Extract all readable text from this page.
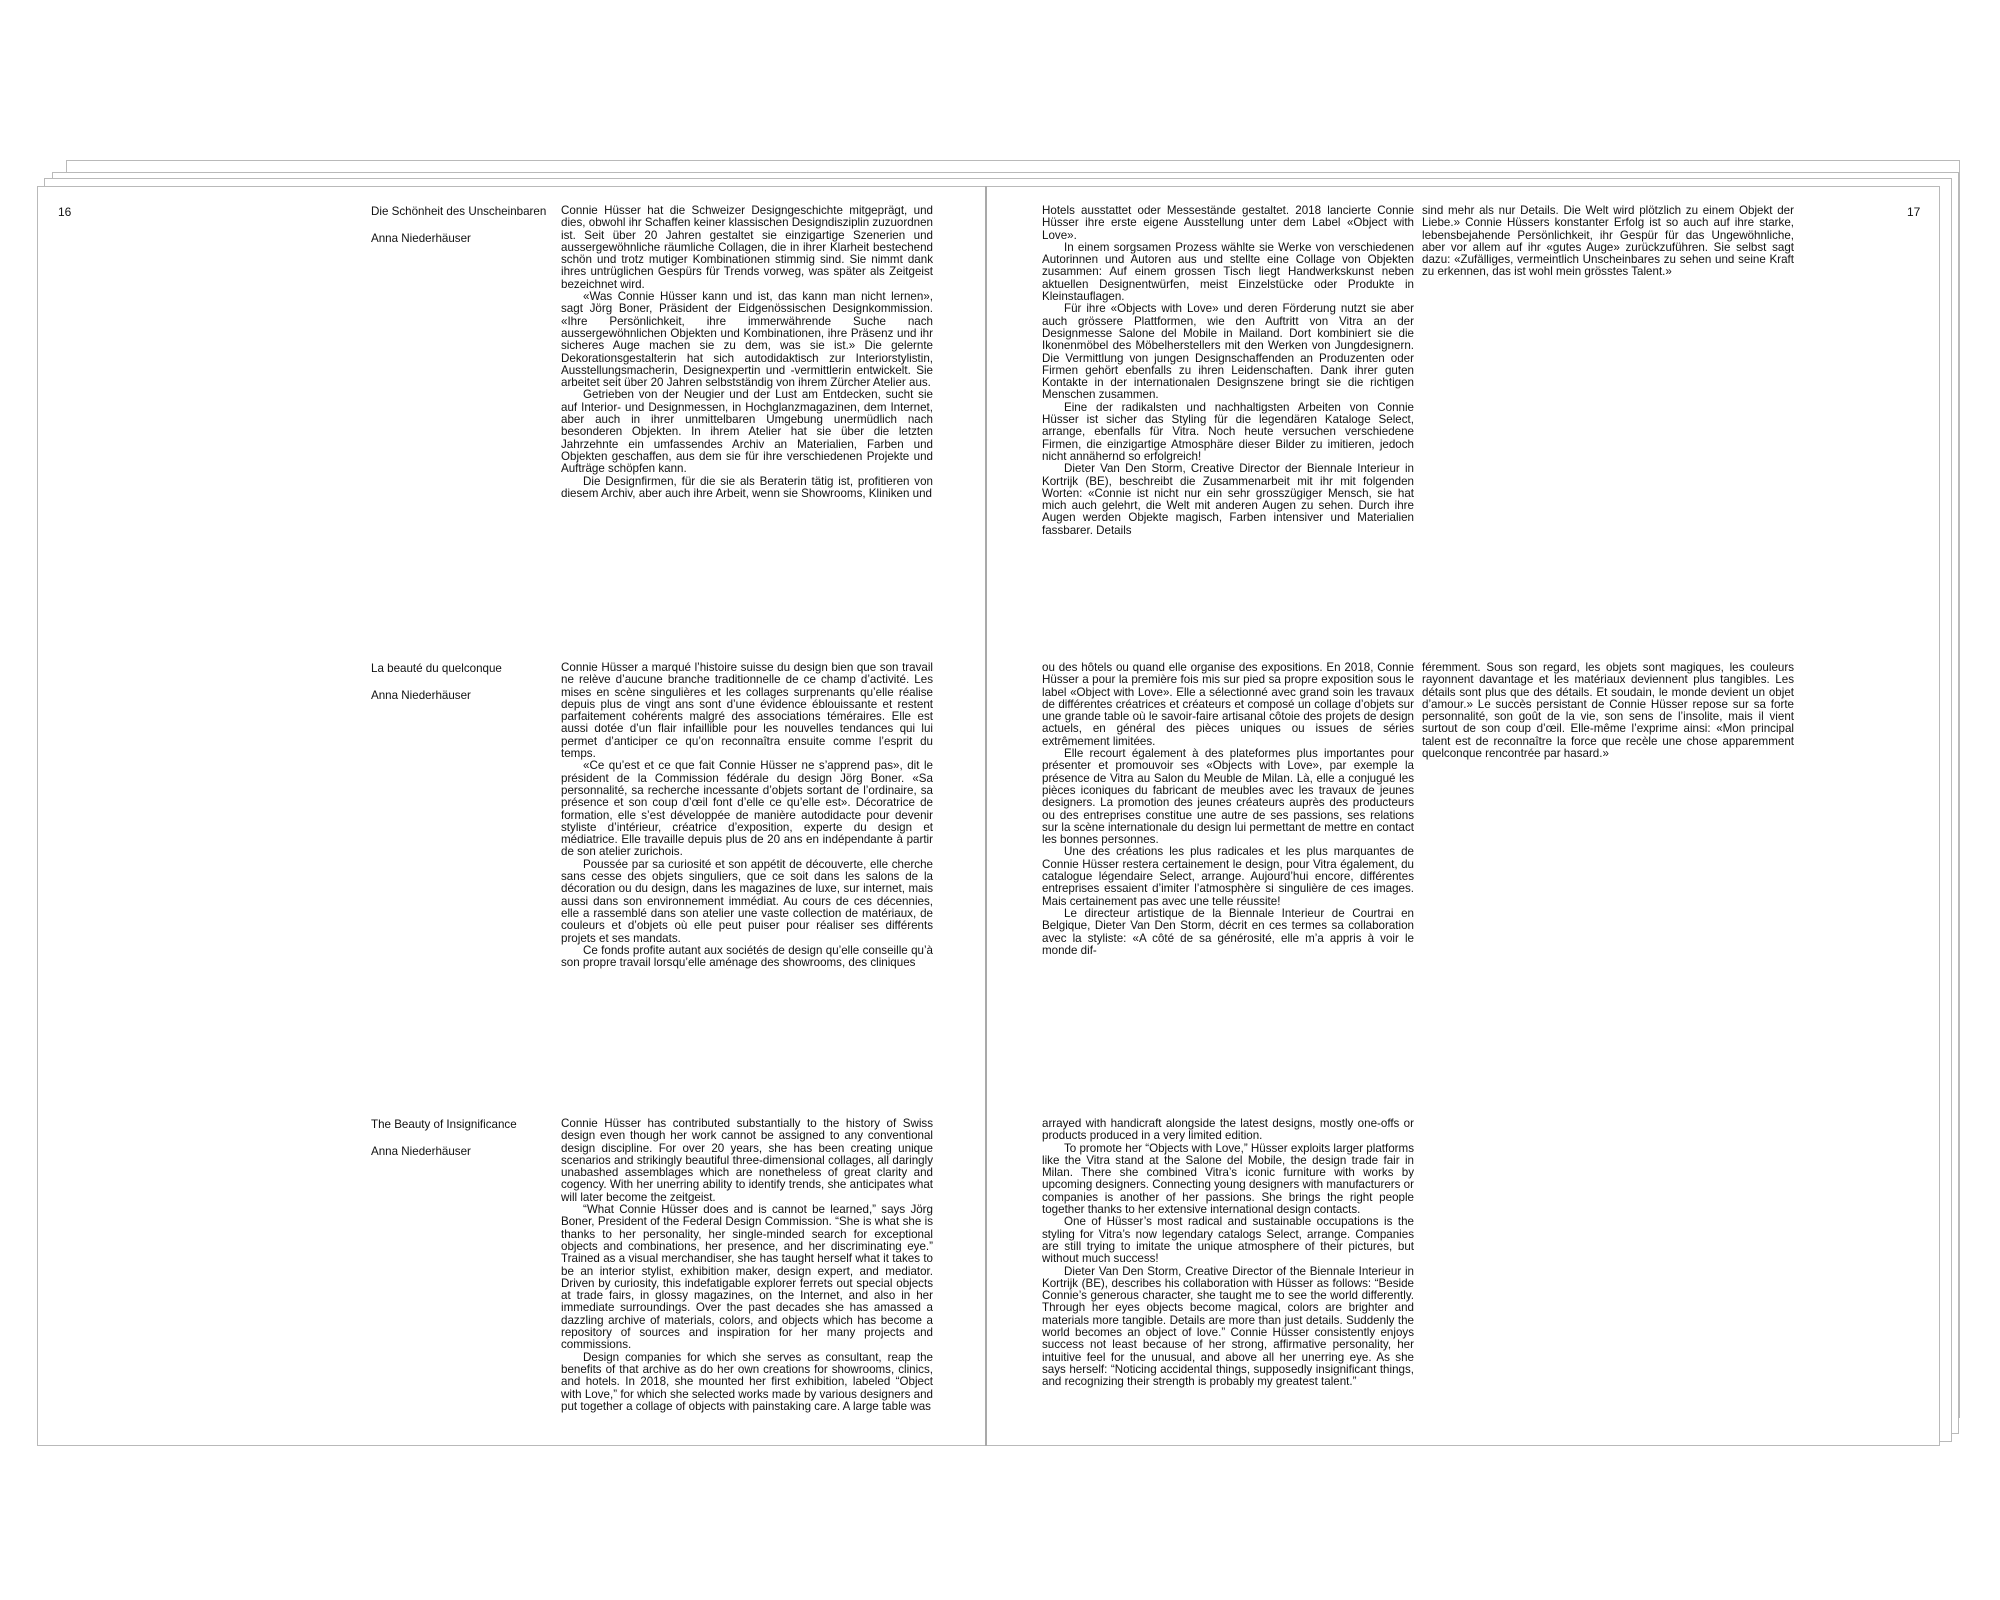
16	17
Die Schönheit des Unscheinbaren
Anna Niederhäuser

Connie Hüsser hat die Schweizer Designgeschichte mitgeprägt, und dies, obwohl ihr Schaffen keiner klassischen Designdisziplin zuzuordnen ist. Seit über 20 Jahren gestaltet sie einzigartige Szenerien und aussergewöhnliche räumliche Collagen, die in ihrer Klarheit bestechend schön und trotz mutiger Kombinationen stimmig sind. Sie nimmt dank ihres untrüglichen Gespürs für Trends vorweg, was später als Zeitgeist bezeichnet wird.

«Was Connie Hüsser kann und ist, das kann man nicht lernen», sagt Jörg Boner, Präsident der Eidgenössischen Designkommission. «Ihre Persönlichkeit, ihre immerwährende Suche nach aussergewöhnlichen Objekten und Kombinationen, ihre Präsenz und ihr sicheres Auge machen sie zu dem, was sie ist.» Die gelernte Dekorationsgestalterin hat sich autodidaktisch zur Interiorstylistin, Ausstellungsmacherin, Designexpertin und -vermittlerin entwickelt. Sie arbeitet seit über 20 Jahren selbstständig von ihrem Zürcher Atelier aus.

Getrieben von der Neugier und der Lust am Entdecken, sucht sie auf Interior- und Designmessen, in Hochglanzmagazinen, dem Internet, aber auch in ihrer unmittelbaren Umgebung unermüdlich nach besonderen Objekten. In ihrem Atelier hat sie über die letzten Jahrzehnte ein umfassendes Archiv an Materialien, Farben und Objekten geschaffen, aus dem sie für ihre verschiedenen Projekte und Aufträge schöpfen kann.

Die Designfirmen, für die sie als Beraterin tätig ist, profitieren von diesem Archiv, aber auch ihre Arbeit, wenn sie Showrooms, Kliniken und

Hotels ausstattet oder Messestände gestaltet. 2018 lancierte Connie Hüsser ihre erste eigene Ausstellung unter dem Label «Object with Love».

In einem sorgsamen Prozess wählte sie Werke von verschiedenen Autorinnen und Autoren aus und stellte eine Collage von Objekten zusammen: Auf einem grossen Tisch liegt Handwerkskunst neben aktuellen Designentwürfen, meist Einzelstücke oder Produkte in Kleinstauflagen.

Für ihre «Objects with Love» und deren Förderung nutzt sie aber auch grössere Plattformen, wie den Auftritt von Vitra an der Designmesse Salone del Mobile in Mailand. Dort kombiniert sie die Ikonenmöbel des Möbelherstellers mit den Werken von Jungdesignern. Die Vermittlung von jungen Designschaffenden an Produzenten oder Firmen gehört ebenfalls zu ihren Leidenschaften. Dank ihrer guten Kontakte in der internationalen Designszene bringt sie die richtigen Menschen zusammen.

Eine der radikalsten und nachhaltigsten Arbeiten von Connie Hüsser ist sicher das Styling für die legendären Kataloge Select, arrange, ebenfalls für Vitra. Noch heute versuchen verschiedene Firmen, die einzigartige Atmosphäre dieser Bilder zu imitieren, jedoch nicht annähernd so erfolgreich!

Dieter Van Den Storm, Creative Director der Biennale Interieur in Kortrijk (BE), beschreibt die Zusammenarbeit mit ihr mit folgenden Worten: «Connie ist nicht nur ein sehr grosszügiger Mensch, sie hat mich auch gelehrt, die Welt mit anderen Augen zu sehen. Durch ihre Augen werden Objekte magisch, Farben intensiver und Materialien fassbarer. Details

sind mehr als nur Details. Die Welt wird plötzlich zu einem Objekt der Liebe.» Connie Hüssers konstanter Erfolg ist so auch auf ihre starke, lebensbejahende Persönlichkeit, ihr Gespür für das Ungewöhnliche, aber vor allem auf ihr «gutes Auge» zurückzuführen. Sie selbst sagt dazu: «Zufälliges, vermeintlich Unscheinbares zu sehen und seine Kraft zu erkennen, das ist wohl mein grösstes Talent.»

La beauté du quelconque
Anna Niederhäuser

Connie Hüsser a marqué l’histoire suisse du design bien que son travail ne relève d’aucune branche traditionnelle de ce champ d’activité. Les mises en scène singulières et les collages surprenants qu’elle réalise depuis plus de vingt ans sont d’une évidence éblouissante et restent parfaitement cohérents malgré des associations téméraires. Elle est aussi dotée d’un flair infaillible pour les nouvelles tendances qui lui permet d’anticiper ce qu’on reconnaîtra ensuite comme l’esprit du temps.

«Ce qu’est et ce que fait Connie Hüsser ne s’apprend pas», dit le président de la Commission fédérale du design Jörg Boner. «Sa personnalité, sa recherche incessante d’objets sortant de l’ordinaire, sa présence et son coup d’œil font d’elle ce qu’elle est». Décoratrice de formation, elle s’est développée de manière autodidacte pour devenir styliste d’intérieur, créatrice d’exposition, experte du design et médiatrice. Elle travaille depuis plus de 20 ans en indépendante à partir de son atelier zurichois.

Poussée par sa curiosité et son appétit de découverte, elle cherche sans cesse des objets singuliers, que ce soit dans les salons de la décoration ou du design, dans les magazines de luxe, sur internet, mais aussi dans son environnement immédiat. Au cours de ces décennies, elle a rassemblé dans son atelier une vaste collection de matériaux, de couleurs et d’objets où elle peut puiser pour réaliser ses différents projets et ses mandats.

Ce fonds profite autant aux sociétés de design qu’elle conseille qu’à son propre travail lorsqu’elle aménage des showrooms, des cliniques

ou des hôtels ou quand elle organise des expositions. En 2018, Connie Hüsser a pour la première fois mis sur pied sa propre exposition sous le label «Object with Love». Elle a sélectionné avec grand soin les travaux de différentes créatrices et créateurs et composé un collage d’objets sur une grande table où le savoir-faire artisanal côtoie des projets de design actuels, en général des pièces uniques ou issues de séries extrêmement limitées.

Elle recourt également à des plateformes plus importantes pour présenter et promouvoir ses «Objects with Love», par exemple la présence de Vitra au Salon du Meuble de Milan. Là, elle a conjugué les pièces iconiques du fabricant de meubles avec les travaux de jeunes designers. La promotion des jeunes créateurs auprès des producteurs ou des entreprises constitue une autre de ses passions, ses relations sur la scène internationale du design lui permettant de mettre en contact les bonnes personnes.

Une des créations les plus radicales et les plus marquantes de Connie Hüsser restera certainement le design, pour Vitra également, du catalogue légendaire Select, arrange. Aujourd’hui encore, différentes entreprises essaient d’imiter l’atmosphère si singulière de ces images. Mais certainement pas avec une telle réussite!

Le directeur artistique de la Biennale Interieur de Courtrai en Belgique, Dieter Van Den Storm, décrit en ces termes sa collaboration avec la styliste: «A côté de sa générosité, elle m’a appris à voir le monde dif-

féremment. Sous son regard, les objets sont magiques, les couleurs rayonnent davantage et les matériaux deviennent plus tangibles. Les détails sont plus que des détails. Et soudain, le monde devient un objet d’amour.» Le succès persistant de Connie Hüsser repose sur sa forte personnalité, son goût de la vie, son sens de l’insolite, mais il vient surtout de son coup d’œil. Elle-même l’exprime ainsi: «Mon principal talent est de reconnaître la force que recèle une chose apparemment quelconque rencontrée par hasard.»

The Beauty of Insignificance
Anna Niederhäuser

Connie Hüsser has contributed substantially to the history of Swiss design even though her work cannot be assigned to any conventional design discipline. For over 20 years, she has been creating unique scenarios and strikingly beautiful three-dimensional collages, all daringly unabashed assemblages which are nonetheless of great clarity and cogency. With her unerring ability to identify trends, she anticipates what will later become the zeitgeist.

“What Connie Hüsser does and is cannot be learned,” says Jörg Boner, President of the Federal Design Commission. “She is what she is thanks to her personality, her single-minded search for exceptional objects and combinations, her presence, and her discriminating eye.” Trained as a visual merchandiser, she has taught herself what it takes to be an interior stylist, exhibition maker, design expert, and mediator. Driven by curiosity, this indefatigable explorer ferrets out special objects at trade fairs, in glossy magazines, on the Internet, and also in her immediate surroundings. Over the past decades she has amassed a dazzling archive of materials, colors, and objects which has become a repository of sources and inspiration for her many projects and commissions.

Design companies for which she serves as consultant, reap the benefits of that archive as do her own creations for showrooms, clinics, and hotels. In 2018, she mounted her first exhibition, labeled “Object with Love,” for which she selected works made by various designers and put together a collage of objects with painstaking care. A large table was

arrayed with handicraft alongside the latest designs, mostly one-offs or products produced in a very limited edition.

To promote her “Objects with Love,” Hüsser exploits larger platforms like the Vitra stand at the Salone del Mobile, the design trade fair in Milan. There she combined Vitra’s iconic furniture with works by upcoming designers. Connecting young designers with manufacturers or companies is another of her passions. She brings the right people together thanks to her extensive international design contacts.

One of Hüsser’s most radical and sustainable occupations is the styling for Vitra’s now legendary catalogs Select, arrange. Companies are still trying to imitate the unique atmosphere of their pictures, but without much success!

Dieter Van Den Storm, Creative Director of the Biennale Interieur in Kortrijk (BE), describes his collaboration with Hüsser as follows: “Beside Connie’s generous character, she taught me to see the world differently. Through her eyes objects become magical, colors are brighter and materials more tangible. Details are more than just details. Suddenly the world becomes an object of love.” Connie Hüsser consistently enjoys success not least because of her strong, affirmative personality, her intuitive feel for the unusual, and above all her unerring eye. As she says herself: “Noticing accidental things, supposedly insignificant things, and recognizing their strength is probably my greatest talent.”
